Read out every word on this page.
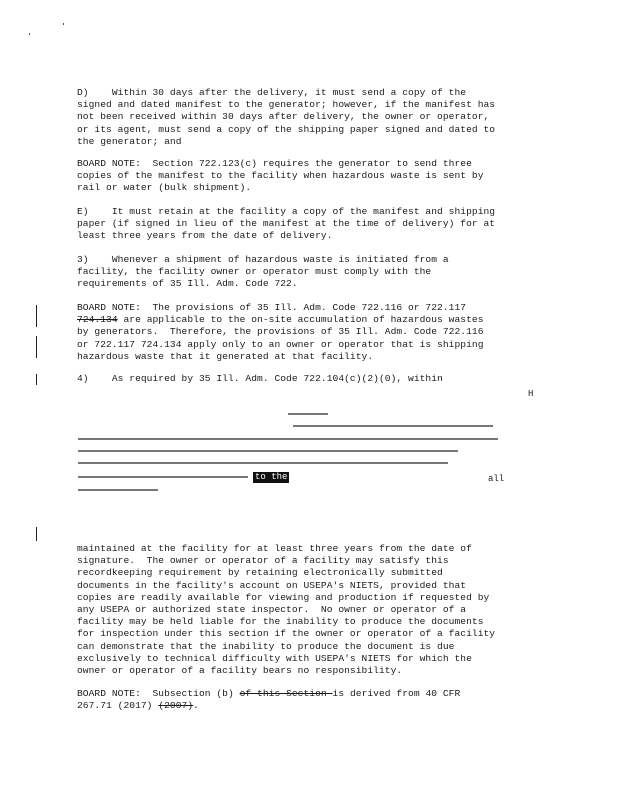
D)    Within 30 days after the delivery, it must send a copy of the
signed and dated manifest to the generator; however, if the manifest has
not been received within 30 days after delivery, the owner or operator,
or its agent, must send a copy of the shipping paper signed and dated to
the generator; and
BOARD NOTE:  Section 722.123(c) requires the generator to send three
copies of the manifest to the facility when hazardous waste is sent by
rail or water (bulk shipment).
E)    It must retain at the facility a copy of the manifest and shipping
paper (if signed in lieu of the manifest at the time of delivery) for at
least three years from the date of delivery.
3)    Whenever a shipment of hazardous waste is initiated from a
facility, the facility owner or operator must comply with the
requirements of 35 Ill. Adm. Code 722.
BOARD NOTE:  The provisions of 35 Ill. Adm. Code 722.116 or 722.117
724.134 are applicable to the on-site accumulation of hazardous wastes
by generators.  Therefore, the provisions of 35 Ill. Adm. Code 722.116
or 722.117 724.134 apply only to an owner or operator that is shipping
hazardous waste that it generated at that facility.
4)    As required by 35 Ill. Adm. Code 722.104(c)(2)(0), within
H
to the	all
maintained at the facility for at least three years from the date of
signature.  The owner or operator of a facility may satisfy this
recordkeeping requirement by retaining electronically submitted
documents in the facility's account on USEPA's NIETS, provided that
copies are readily available for viewing and production if requested by
any USEPA or authorized state inspector.  No owner or operator of a
facility may be held liable for the inability to produce the documents
for inspection under this section if the owner or operator of a facility
can demonstrate that the inability to produce the document is due
exclusively to technical difficulty with USEPA's NIETS for which the
owner or operator of a facility bears no responsibility.
BOARD NOTE:  Subsection (b) of this Section is derived from 40 CFR
267.71 (2017) (2007).
